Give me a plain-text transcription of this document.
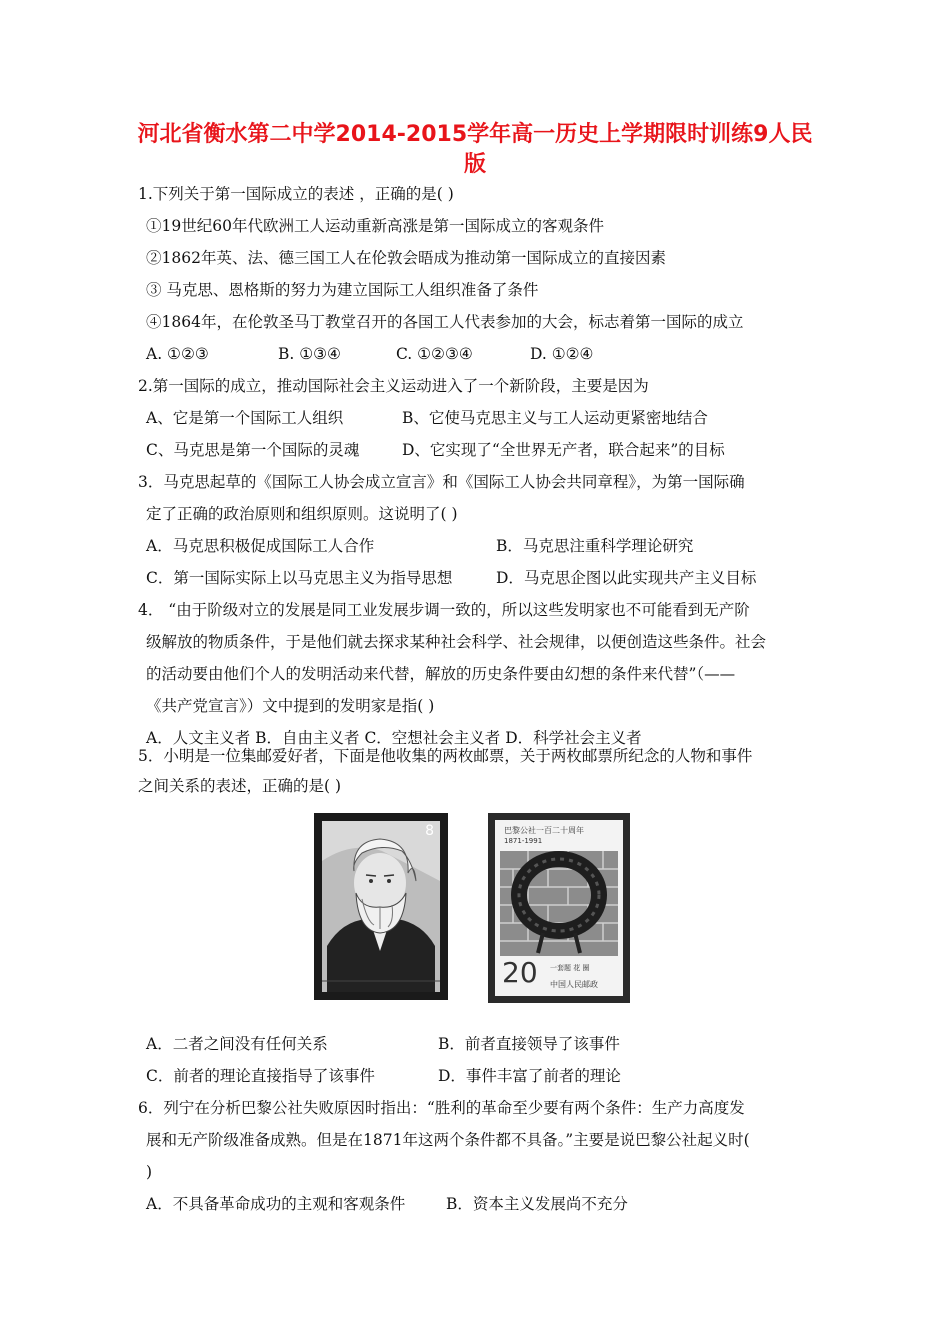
河北省衡水第二中学2014-2015学年高一历史上学期限时训练9人民
版
1.下列关于第一国际成立的表述 ，正确的是( )
①19世纪60年代欧洲工人运动重新高涨是第一国际成立的客观条件
②1862年英、法、德三国工人在伦敦会晤成为推动第一国际成立的直接因素
③ 马克思、恩格斯的努力为建立国际工人组织准备了条件
④1864年，在伦敦圣马丁教堂召开的各国工人代表参加的大会，标志着第一国际的成立
A. ①②③	B. ①③④	C. ①②③④	D. ①②④
2.第一国际的成立，推动国际社会主义运动进入了一个新阶段，主要是因为
A、它是第一个国际工人组织	B、它使马克思主义与工人运动更紧密地结合
C、马克思是第一个国际的灵魂	D、它实现了“全世界无产者，联合起来”的目标
3．马克思起草的《国际工人协会成立宣言》和《国际工人协会共同章程》，为第一国际确
定了正确的政治原则和组织原则。这说明了( )
A．马克思积极促成国际工人合作	B．马克思注重科学理论研究
C．第一国际实际上以马克思主义为指导思想	D．马克思企图以此实现共产主义目标
4． “由于阶级对立的发展是同工业发展步调一致的，所以这些发明家也不可能看到无产阶
级解放的物质条件，于是他们就去探求某种社会科学、社会规律，以便创造这些条件。社会
的活动要由他们个人的发明活动来代替，解放的历史条件要由幻想的条件来代替”（——
《共产党宣言》）文中提到的发明家是指( )
A．人文主义者 B．自由主义者 C．空想社会主义者 D．科学社会主义者
5．小明是一位集邮爱好者，下面是他收集的两枚邮票，关于两枚邮票所纪念的人物和事件
之间关系的表述，正确的是( )
8	巴黎公社一百二十周年
1871-1991
20 一套题 花 圈
中国人民邮政
A．二者之间没有任何关系	B．前者直接领导了该事件
C．前者的理论直接指导了该事件	D．事件丰富了前者的理论
6．列宁在分析巴黎公社失败原因时指出：“胜利的革命至少要有两个条件：生产力高度发
展和无产阶级准备成熟。但是在1871年这两个条件都不具备。”主要是说巴黎公社起义时(
)
A．不具备革命成功的主观和客观条件	B．资本主义发展尚不充分
